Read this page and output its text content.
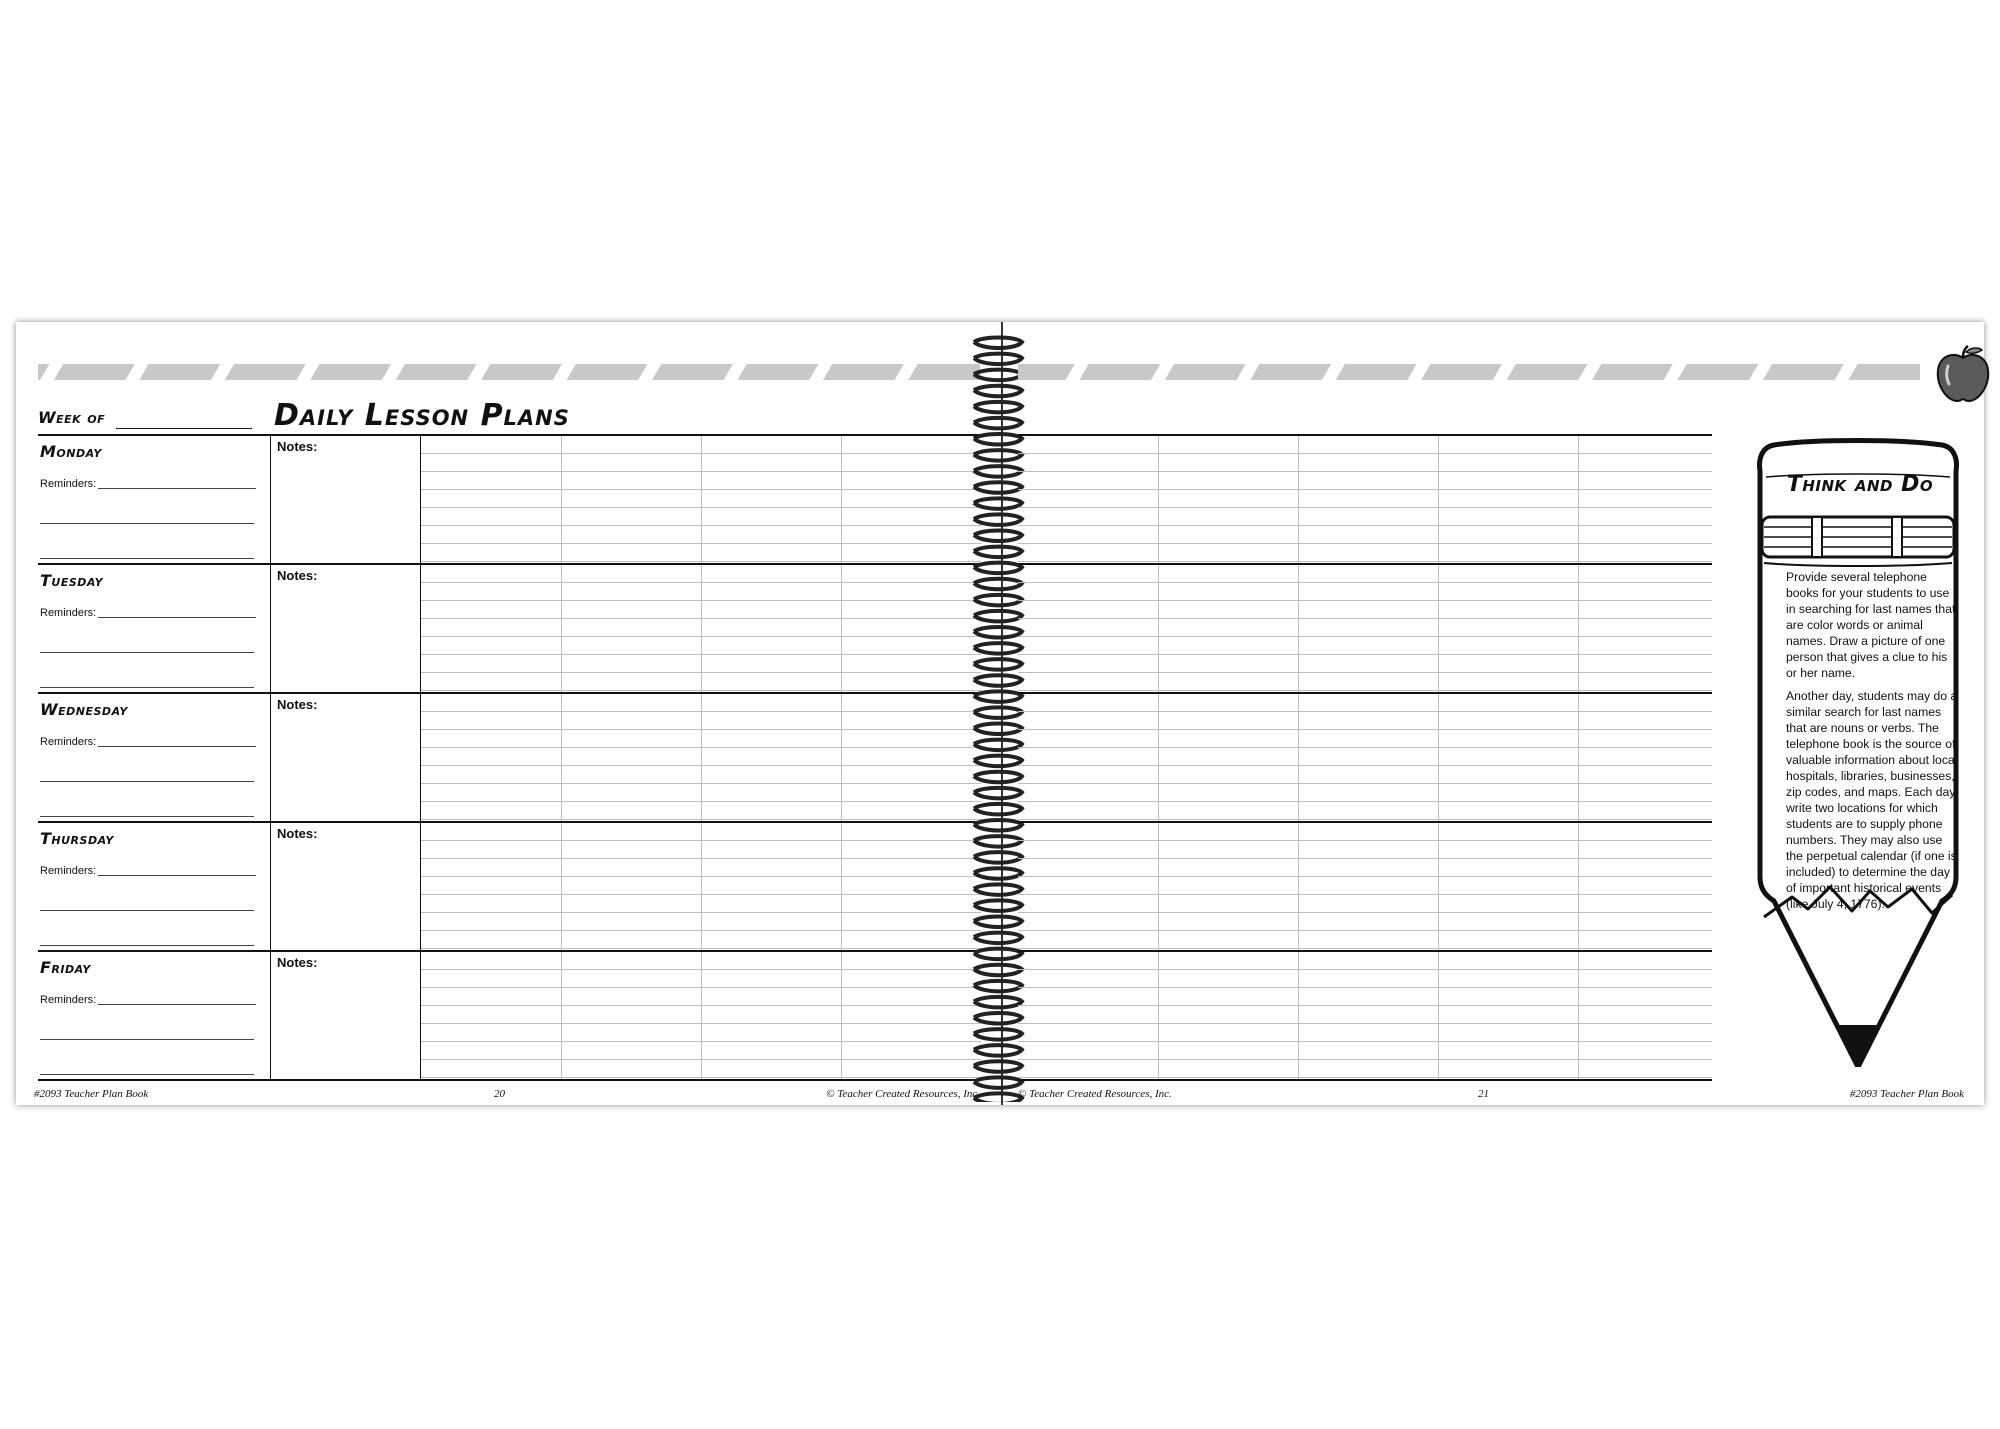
Week of	Daily Lesson Plans
Monday
Reminders:
Notes:
Tuesday
Reminders:
Notes:
Wednesday
Reminders:
Notes:
Thursday
Reminders:
Notes:
Friday
Reminders:
Notes:
#2093 Teacher Plan Book	20	© Teacher Created Resources, Inc.	© Teacher Created Resources, Inc.	21	#2093 Teacher Plan Book
Think and Do

Provide several telephone books for your students to use in searching for last names that are color words or animal names. Draw a picture of one person that gives a clue to his or her name.

Another day, students may do a similar search for last names that are nouns or verbs. The telephone book is the source of valuable information about local hospitals, libraries, businesses, zip codes, and maps. Each day write two locations for which students are to supply phone numbers. They may also use the perpetual calendar (if one is included) to determine the day of important historical events (like July 4, 1776).
